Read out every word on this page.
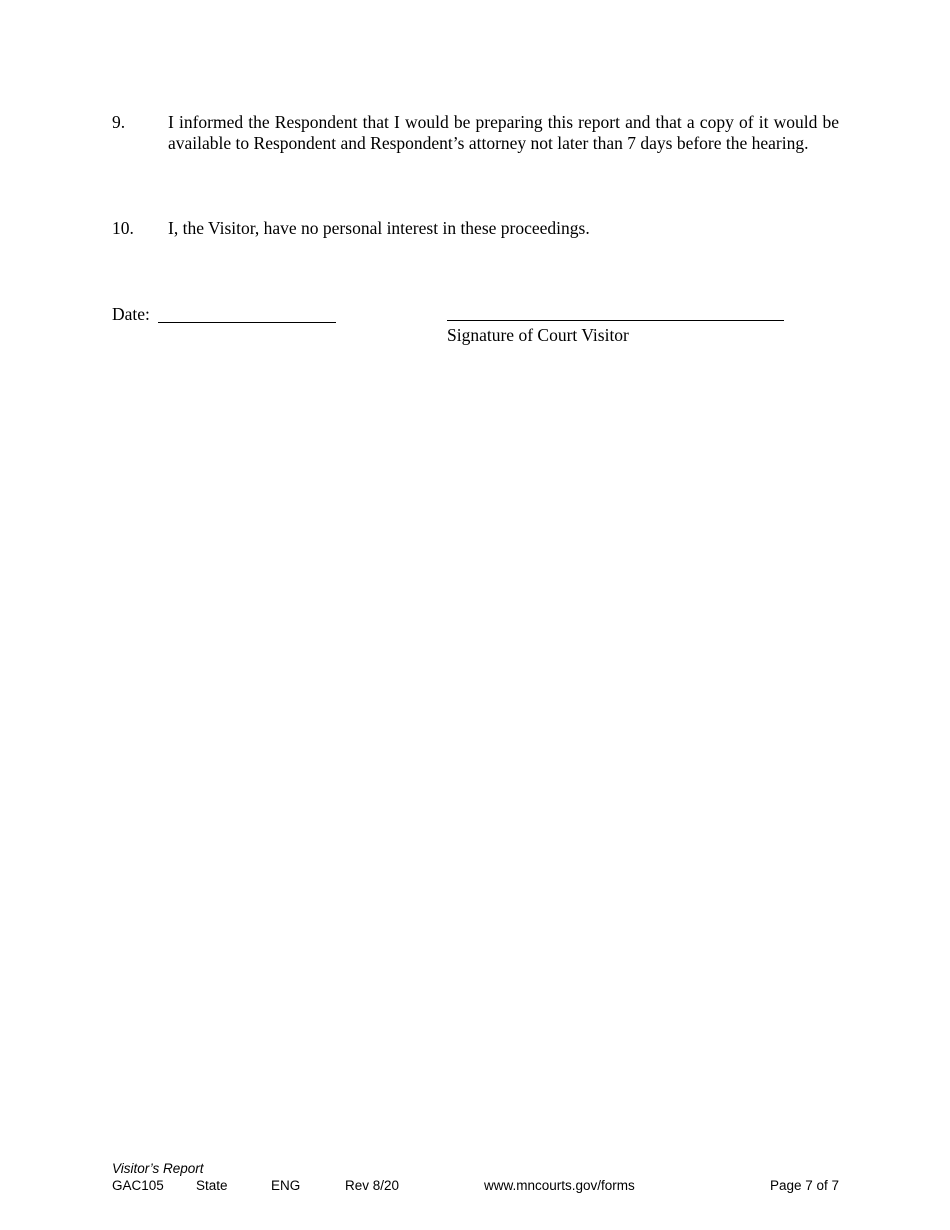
9. I informed the Respondent that I would be preparing this report and that a copy of it would be available to Respondent and Respondent’s attorney not later than 7 days before the hearing.
10. I, the Visitor, have no personal interest in these proceedings.
Date:
Signature of Court Visitor
Visitor’s Report
GAC105 State	ENG	Rev 8/20	www.mncourts.gov/forms	Page 7 of 7
